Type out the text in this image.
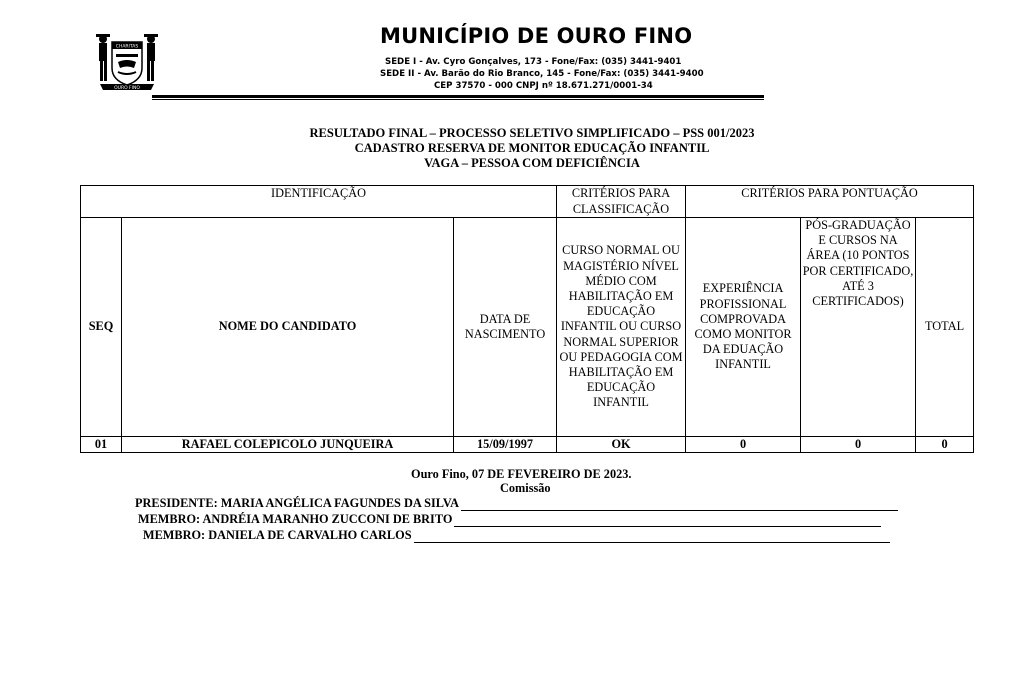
CHARITAS
OURO FINO
MUNICÍPIO DE OURO FINO
SEDE I - Av. Cyro Gonçalves, 173 - Fone/Fax: (035) 3441-9401
SEDE II - Av. Barão do Rio Branco, 145 - Fone/Fax: (035) 3441-9400
CEP 37570 - 000 CNPJ nº 18.671.271/0001-34
RESULTADO FINAL – PROCESSO SELETIVO SIMPLIFICADO – PSS 001/2023
CADASTRO RESERVA DE MONITOR EDUCAÇÃO INFANTIL
VAGA – PESSOA COM DEFICIÊNCIA
IDENTIFICAÇÃO			CRITÉRIOS PARA CLASSIFICAÇÃO	CRITÉRIOS PARA PONTUAÇÃO		
SEQ	NOME DO CANDIDATO	DATA DE NASCIMENTO	CURSO NORMAL OU MAGISTÉRIO NÍVEL MÉDIO COM HABILITAÇÃO EM EDUCAÇÃO INFANTIL OU CURSO NORMAL SUPERIOR OU PEDAGOGIA COM HABILITAÇÃO EM EDUCAÇÃO INFANTIL	EXPERIÊNCIA PROFISSIONAL COMPROVADA COMO MONITOR DA EDUAÇÃO INFANTIL	PÓS-GRADUAÇÃO E CURSOS NA ÁREA (10 PONTOS POR CERTIFICADO, ATÉ 3 CERTIFICADOS)	TOTAL
01	RAFAEL COLEPICOLO JUNQUEIRA	15/09/1997	OK	0	0	0
Ouro Fino, 07 DE FEVEREIRO DE 2023.
Comissão
PRESIDENTE: MARIA ANGÉLICA FAGUNDES DA SILVA
MEMBRO: ANDRÉIA MARANHO ZUCCONI DE BRITO
MEMBRO: DANIELA DE CARVALHO CARLOS
